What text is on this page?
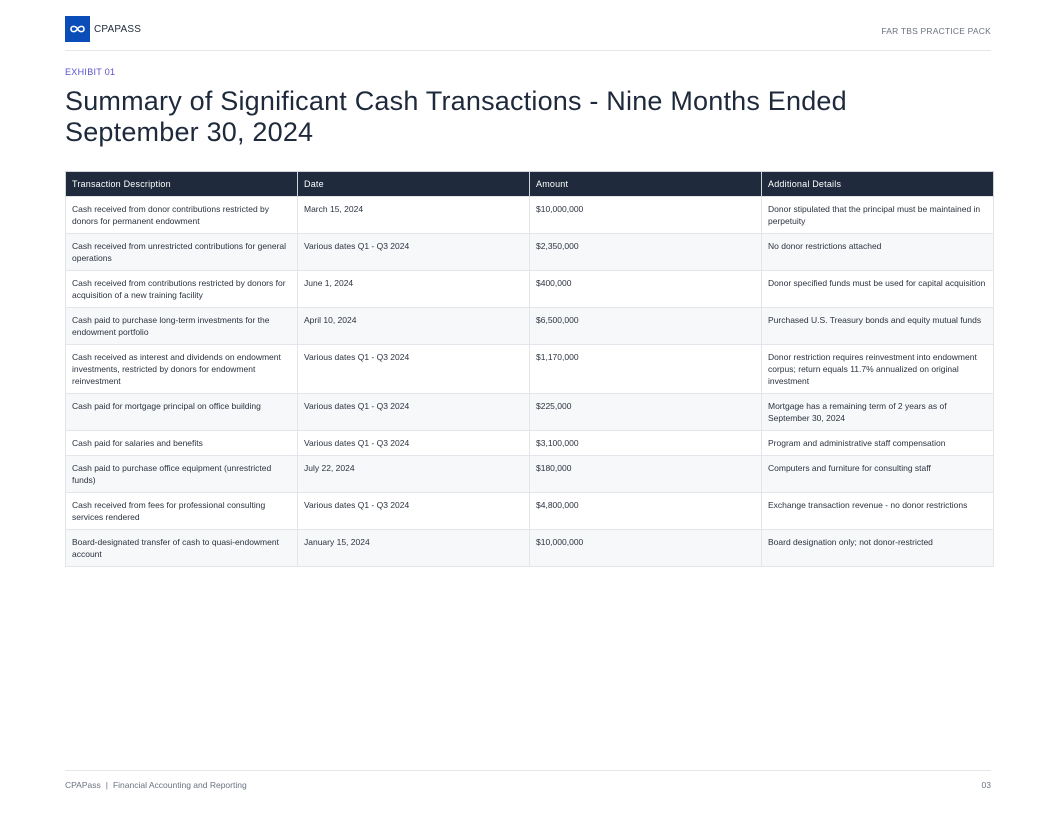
CPAPASS	FAR TBS PRACTICE PACK
EXHIBIT 01
Summary of Significant Cash Transactions - Nine Months Ended September 30, 2024
Transaction Description	Date	Amount	Additional Details
Cash received from donor contributions restricted by donors for permanent endowment	March 15, 2024	$10,000,000	Donor stipulated that the principal must be maintained in perpetuity
Cash received from unrestricted contributions for general operations	Various dates Q1 - Q3 2024	$2,350,000	No donor restrictions attached
Cash received from contributions restricted by donors for acquisition of a new training facility	June 1, 2024	$400,000	Donor specified funds must be used for capital acquisition
Cash paid to purchase long-term investments for the endowment portfolio	April 10, 2024	$6,500,000	Purchased U.S. Treasury bonds and equity mutual funds
Cash received as interest and dividends on endowment investments, restricted by donors for endowment reinvestment	Various dates Q1 - Q3 2024	$1,170,000	Donor restriction requires reinvestment into endowment corpus; return equals 11.7% annualized on original investment
Cash paid for mortgage principal on office building	Various dates Q1 - Q3 2024	$225,000	Mortgage has a remaining term of 2 years as of September 30, 2024
Cash paid for salaries and benefits	Various dates Q1 - Q3 2024	$3,100,000	Program and administrative staff compensation
Cash paid to purchase office equipment (unrestricted funds)	July 22, 2024	$180,000	Computers and furniture for consulting staff
Cash received from fees for professional consulting services rendered	Various dates Q1 - Q3 2024	$4,800,000	Exchange transaction revenue - no donor restrictions
Board-designated transfer of cash to quasi-endowment account	January 15, 2024	$10,000,000	Board designation only; not donor-restricted
CPAPass | Financial Accounting and Reporting	03
